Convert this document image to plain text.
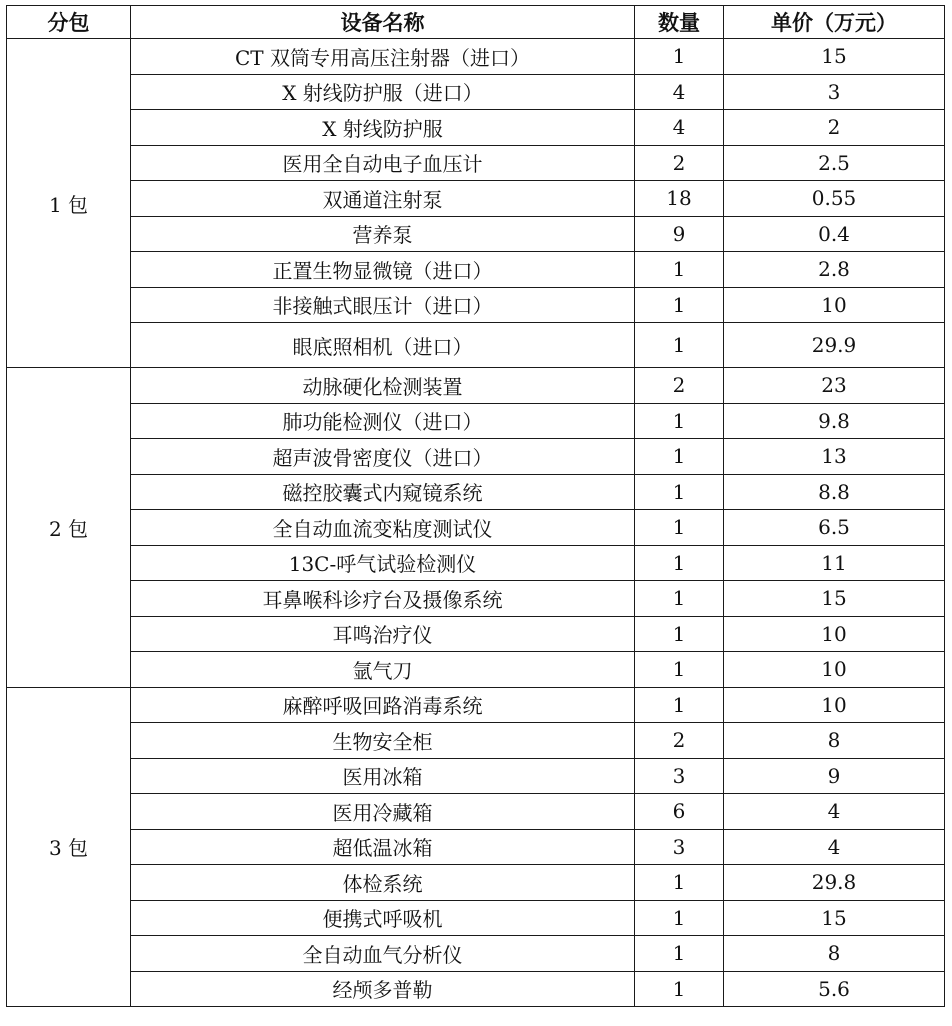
分包	设备名称	数量	单价（万元）
1 包	CT 双筒专用高压注射器（进口）	1	15
	X 射线防护服（进口）	4	3
	X 射线防护服	4	2
	医用全自动电子血压计	2	2.5
	双通道注射泵	18	0.55
	营养泵	9	0.4
	正置生物显微镜（进口）	1	2.8
	非接触式眼压计（进口）	1	10
	眼底照相机（进口）	1	29.9
2 包	动脉硬化检测装置	2	23
	肺功能检测仪（进口）	1	9.8
	超声波骨密度仪（进口）	1	13
	磁控胶囊式内窥镜系统	1	8.8
	全自动血流变粘度测试仪	1	6.5
	13C-呼气试验检测仪	1	11
	耳鼻喉科诊疗台及摄像系统	1	15
	耳鸣治疗仪	1	10
	氩气刀	1	10
3 包	麻醉呼吸回路消毒系统	1	10
	生物安全柜	2	8
	医用冰箱	3	9
	医用冷藏箱	6	4
	超低温冰箱	3	4
	体检系统	1	29.8
	便携式呼吸机	1	15
	全自动血气分析仪	1	8
	经颅多普勒	1	5.6
